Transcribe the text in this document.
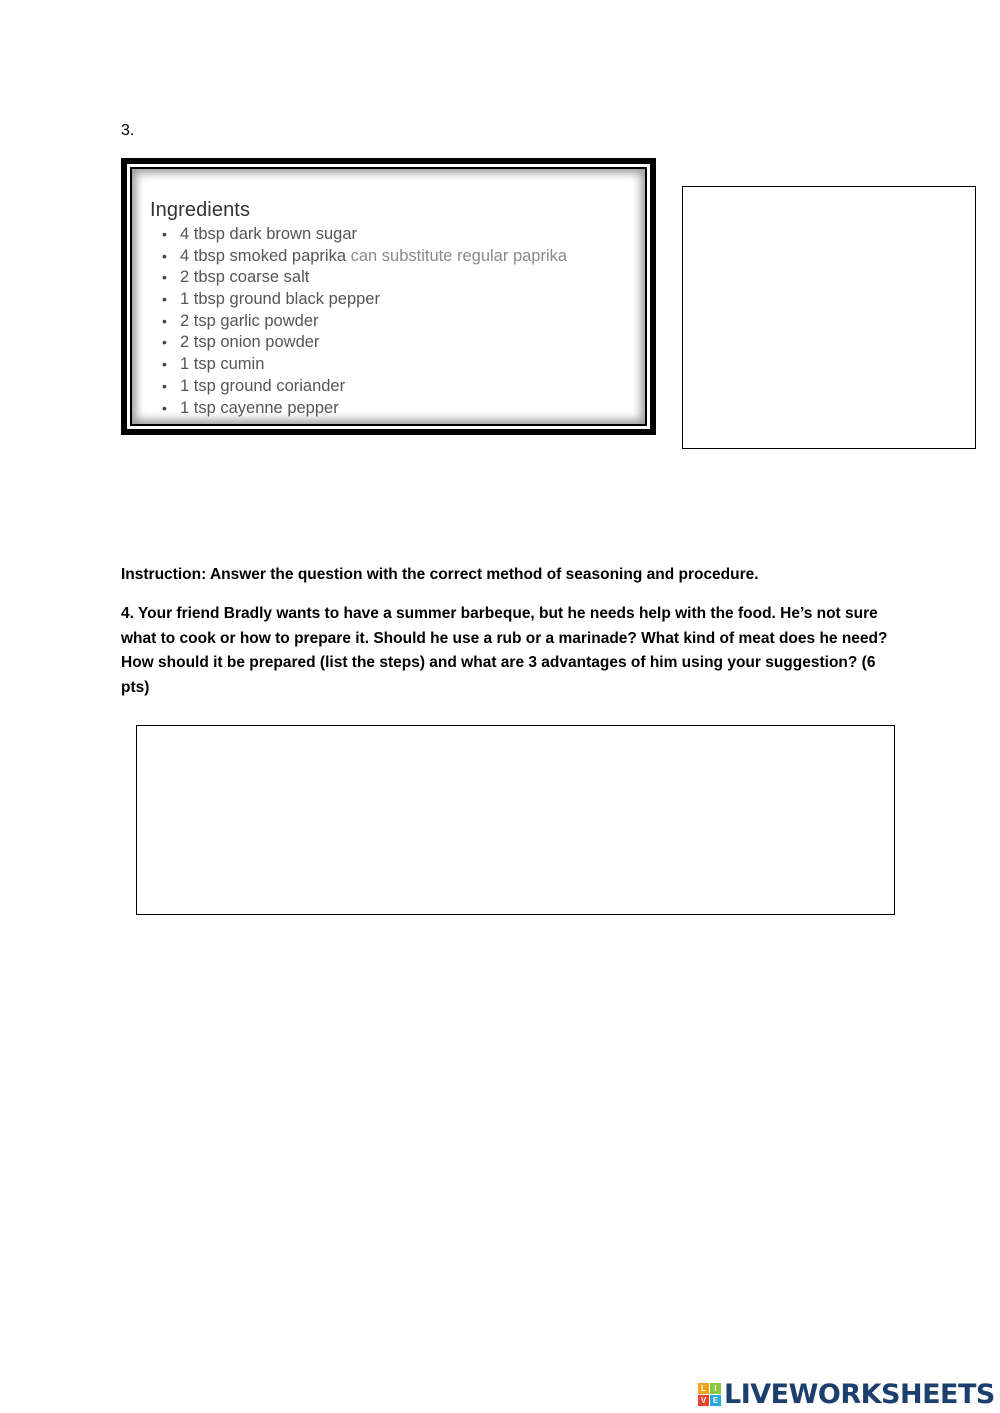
3.
Ingredients
• 4 tbsp dark brown sugar
• 4 tbsp smoked paprika can substitute regular paprika
• 2 tbsp coarse salt
• 1 tbsp ground black pepper
• 2 tsp garlic powder
• 2 tsp onion powder
• 1 tsp cumin
• 1 tsp ground coriander
• 1 tsp cayenne pepper
Instruction: Answer the question with the correct method of seasoning and procedure.
4. Your friend Bradly wants to have a summer barbeque, but he needs help with the food. He’s not sure what to cook or how to prepare it. Should he use a rub or a marinade? What kind of meat does he need? How should it be prepared (list the steps) and what are 3 advantages of him using your suggestion? (6 pts)
L	I
V E LIVEWORKSHEETS
